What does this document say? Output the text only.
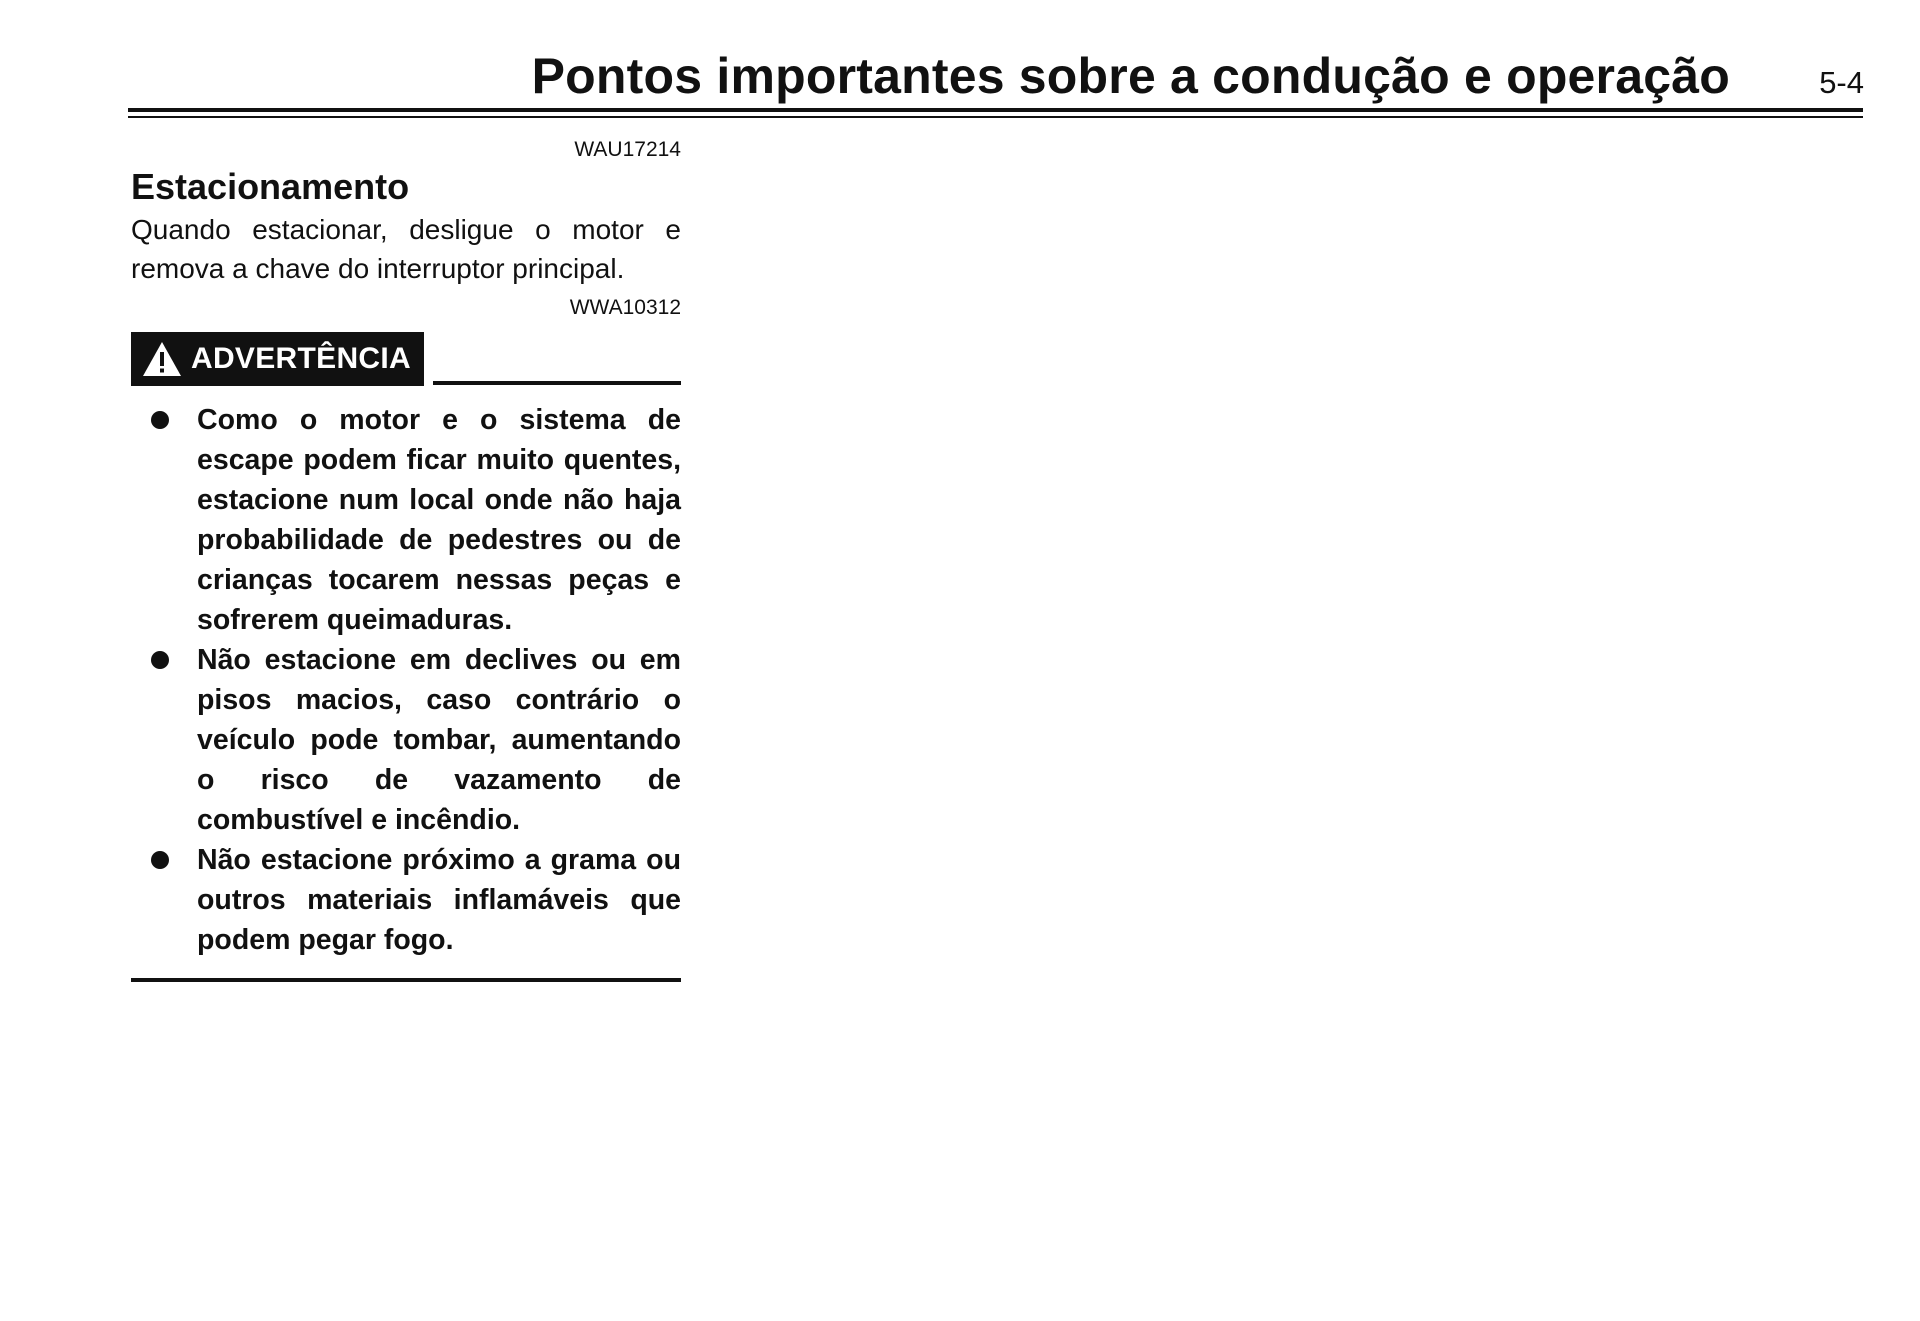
Pontos importantes sobre a condução e operação	5-4
WAU17214
Estacionamento
Quando estacionar, desligue o motor e remova a chave do interruptor principal.
WWA10312
ADVERTÊNCIA
Como o motor e o sistema de escape podem ficar muito quentes, estacione num local onde não haja probabilidade de pedestres ou de crianças tocarem nessas peças e sofrerem queimaduras.
Não estacione em declives ou em pisos macios, caso contrário o veículo pode tombar, aumentando o risco de vazamento de combustível e incêndio.
Não estacione próximo a grama ou outros materiais inflamáveis que podem pegar fogo.
